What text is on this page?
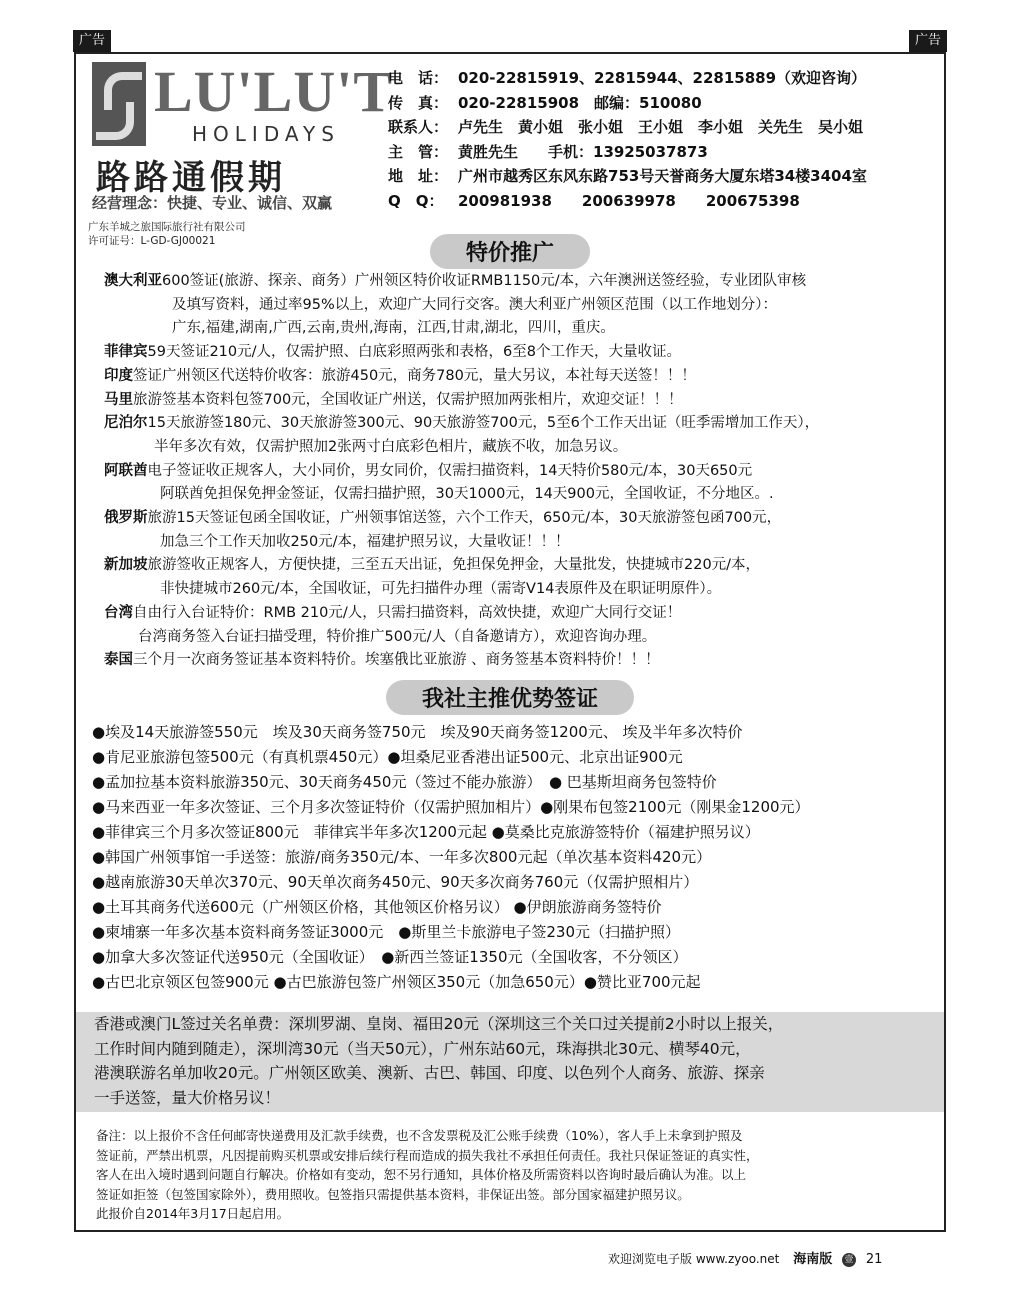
广告	广告
LU'LU'T
HOLIDAYS
路路通假期
经营理念：快捷、专业、诚信、双赢
广东羊城之旅国际旅行社有限公司
许可证号：L-GD-GJ00021
电　话： 020-22815919、22815944、22815889（欢迎咨询）
传　真： 020-22815908　邮编：510080
联系人： 卢先生　黄小姐　张小姐　王小姐　李小姐　关先生　吴小姐
主　管： 黄胜先生　　手机：13925037873
地　址： 广州市越秀区东风东路753号天誉商务大厦东塔34楼3404室
Q　Q： 200981938　　200639978　　200675398
特价推广

澳大利亚600签证(旅游、探亲、商务）广州领区特价收证RMB1150元/本，六年澳洲送签经验，专业团队审核

及填写资料，通过率95%以上，欢迎广大同行交客。澳大利亚广州领区范围（以工作地划分）：

广东,福建,湖南,广西,云南,贵州,海南，江西,甘肃,湖北，四川，重庆。

菲律宾59天签证210元/人，仅需护照、白底彩照两张和表格，6至8个工作天，大量收证。

印度签证广州领区代送特价收客：旅游450元，商务780元，量大另议，本社每天送签！！！

马里旅游签基本资料包签700元，全国收证广州送，仅需护照加两张相片，欢迎交证！！！

尼泊尔15天旅游签180元、30天旅游签300元、90天旅游签700元，5至6个工作天出证（旺季需增加工作天），

半年多次有效，仅需护照加2张两寸白底彩色相片，藏族不收，加急另议。

阿联酋电子签证收正规客人，大小同价，男女同价，仅需扫描资料，14天特价580元/本，30天650元

阿联酋免担保免押金签证，仅需扫描护照，30天1000元，14天900元，全国收证，不分地区。.

俄罗斯旅游15天签证包函全国收证，广州领事馆送签，六个工作天，650元/本，30天旅游签包函700元，

加急三个工作天加收250元/本，福建护照另议，大量收证！！！

新加坡旅游签收正规客人，方便快捷，三至五天出证，免担保免押金，大量批发，快捷城市220元/本，

非快捷城市260元/本，全国收证，可先扫描件办理（需寄V14表原件及在职证明原件）。

台湾自由行入台证特价：RMB 210元/人，只需扫描资料，高效快捷，欢迎广大同行交证！

台湾商务签入台证扫描受理，特价推广500元/人（自备邀请方），欢迎咨询办理。

泰国三个月一次商务签证基本资料特价。埃塞俄比亚旅游 、商务签基本资料特价！！！

我社主推优势签证

●埃及14天旅游签550元　埃及30天商务签750元　埃及90天商务签1200元、 埃及半年多次特价

●肯尼亚旅游包签500元（有真机票450元）●坦桑尼亚香港出证500元、北京出证900元

●孟加拉基本资料旅游350元、30天商务450元（签过不能办旅游）　● 巴基斯坦商务包签特价

●马来西亚一年多次签证、三个月多次签证特价（仅需护照加相片）●刚果布包签2100元（刚果金1200元）

●菲律宾三个月多次签证800元　菲律宾半年多次1200元起 ●莫桑比克旅游签特价（福建护照另议）

●韩国广州领事馆一手送签：旅游/商务350元/本、一年多次800元起（单次基本资料420元）

●越南旅游30天单次370元、90天单次商务450元、90天多次商务760元（仅需护照相片）

●土耳其商务代送600元（广州领区价格，其他领区价格另议） ●伊朗旅游商务签特价

●柬埔寨一年多次基本资料商务签证3000元　●斯里兰卡旅游电子签230元（扫描护照）

●加拿大多次签证代送950元（全国收证）　●新西兰签证1350元（全国收客，不分领区）

●古巴北京领区包签900元 ●古巴旅游包签广州领区350元（加急650元）●赞比亚700元起

香港或澳门L签过关名单费：深圳罗湖、皇岗、福田20元（深圳这三个关口过关提前2小时以上报关，

工作时间内随到随走），深圳湾30元（当天50元），广州东站60元，珠海拱北30元、横琴40元，

港澳联游名单加收20元。广州领区欧美、澳新、古巴、韩国、印度、以色列个人商务、旅游、探亲

一手送签，量大价格另议！

备注：以上报价不含任何邮寄快递费用及汇款手续费，也不含发票税及汇公账手续费（10%），客人手上未拿到护照及

签证前，严禁出机票，凡因提前购买机票或安排后续行程而造成的损失我社不承担任何责任。我社只保证签证的真实性，

客人在出入境时遇到问题自行解决。价格如有变动，恕不另行通知，具体价格及所需资料以咨询时最后确认为准。以上

签证如拒签（包签国家除外），费用照收。包签指只需提供基本资料，非保证出签。部分国家福建护照另议。

此报价自2014年3月17日起启用。

欢迎浏览电子版 www.zyoo.net 海南版 壹 21
